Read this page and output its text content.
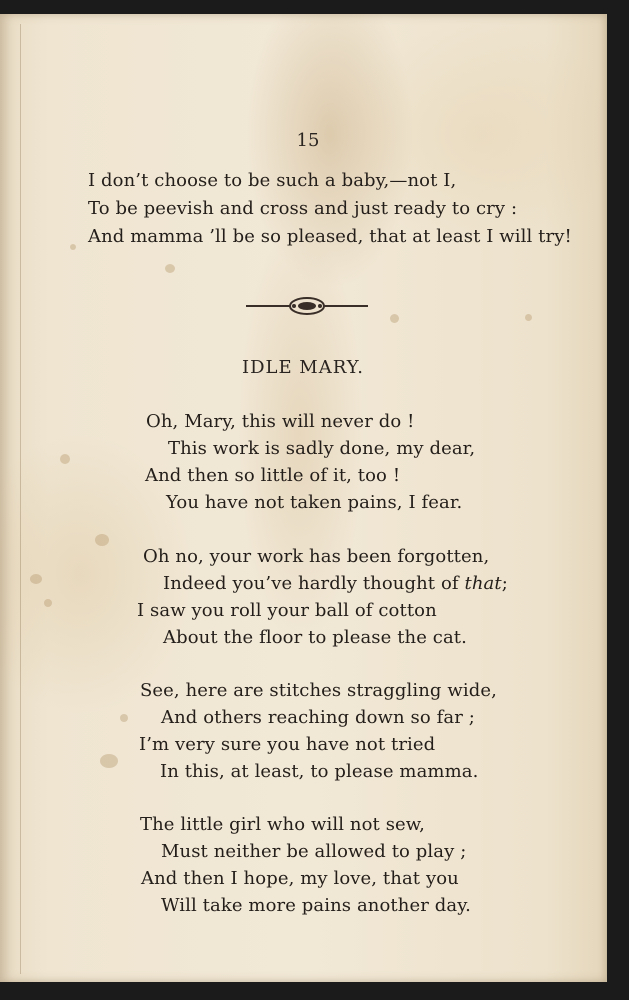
15
I don’t choose to be such a baby,—not I,
To be peevish and cross and just ready to cry :
And mamma ’ll be so pleased, that at least I will try!
IDLE MARY.
Oh, Mary, this will never do !
This work is sadly done, my dear,
And then so little of it, too !
You have not taken pains, I fear.
Oh no, your work has been forgotten,
Indeed you’ve hardly thought of that;
I saw you roll your ball of cotton
About the floor to please the cat.
See, here are stitches straggling wide,
And others reaching down so far ;
I’m very sure you have not tried
In this, at least, to please mamma.
The little girl who will not sew,
Must neither be allowed to play ;
And then I hope, my love, that you
Will take more pains another day.
